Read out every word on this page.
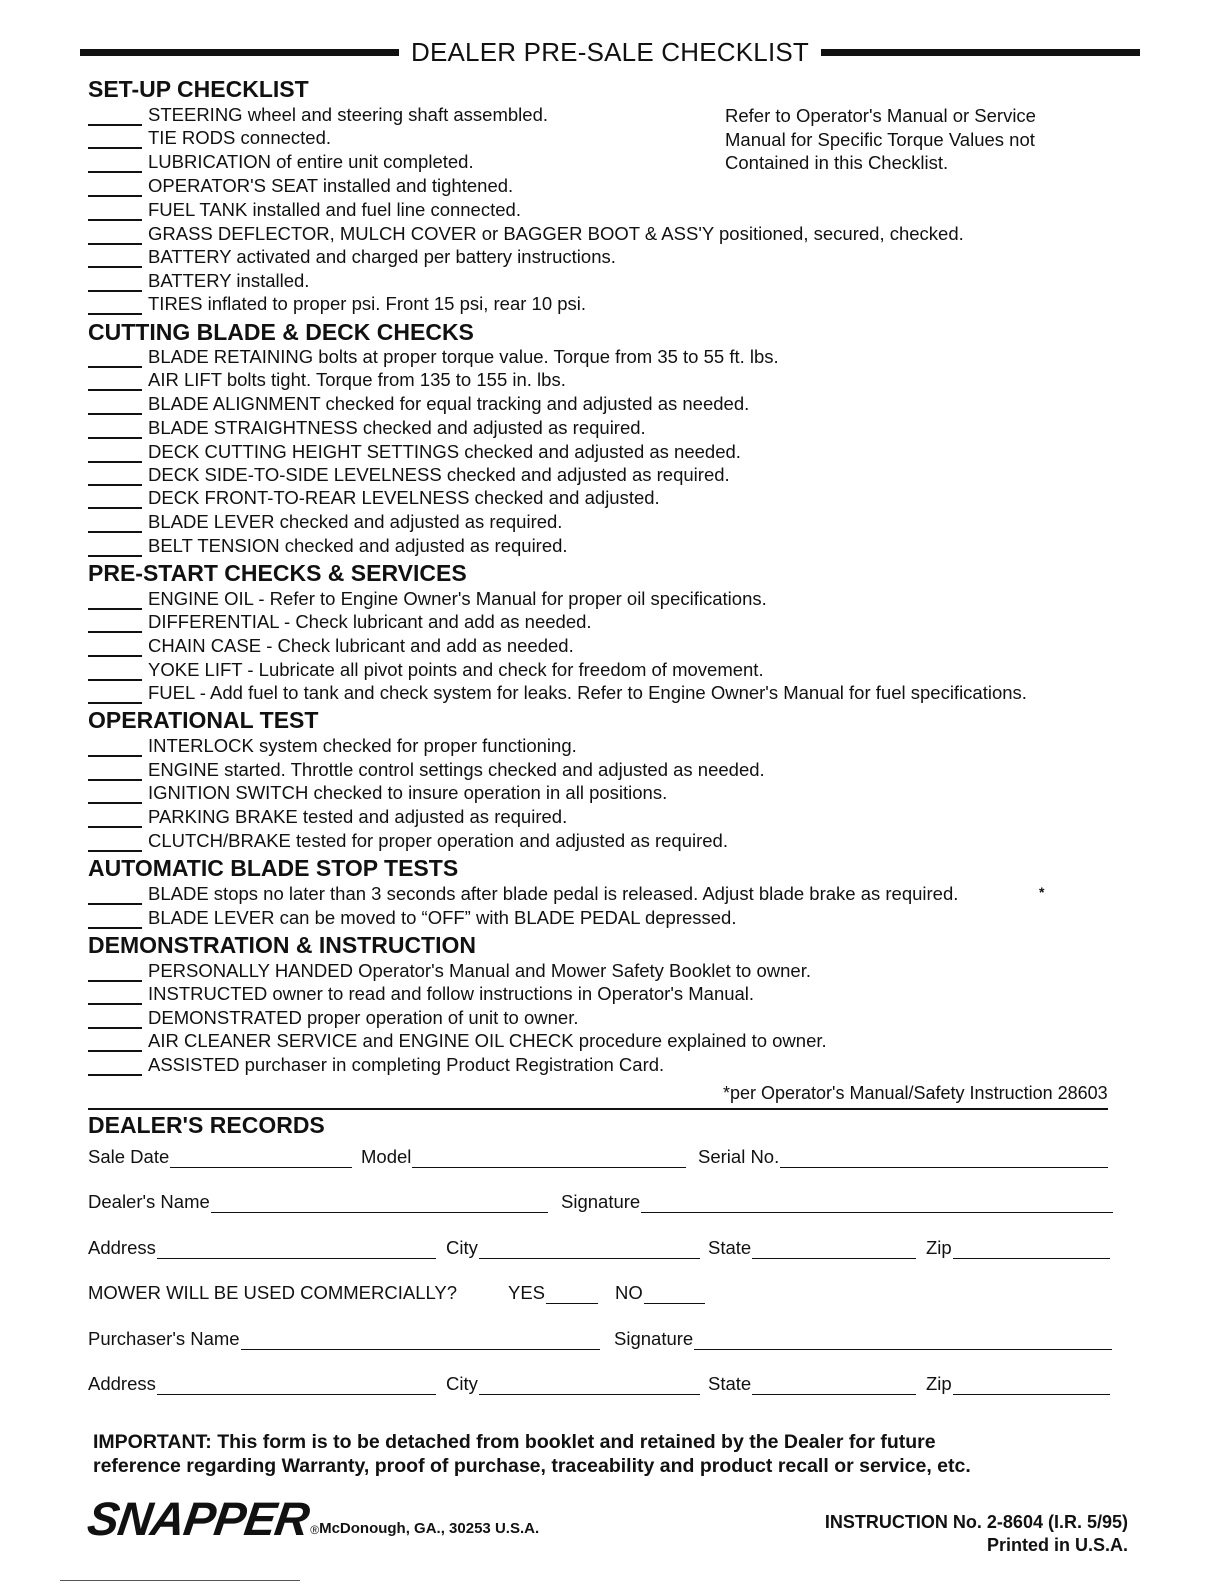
DEALER PRE-SALE CHECKLIST
SET-UP CHECKLIST
STEERING wheel and steering shaft assembled.
TIE RODS connected.
LUBRICATION of entire unit completed.
OPERATOR'S SEAT installed and tightened.
FUEL TANK installed and fuel line connected.
GRASS DEFLECTOR, MULCH COVER or BAGGER BOOT & ASS'Y positioned, secured, checked.
BATTERY activated and charged per battery instructions.
BATTERY installed.
TIRES inflated to proper psi. Front 15 psi, rear 10 psi.
Refer to Operator's Manual or Service
Manual for Specific Torque Values not
Contained in this Checklist.
CUTTING BLADE & DECK CHECKS
BLADE RETAINING bolts at proper torque value. Torque from 35 to 55 ft. lbs.
AIR LIFT bolts tight. Torque from 135 to 155 in. lbs.
BLADE ALIGNMENT checked for equal tracking and adjusted as needed.
BLADE STRAIGHTNESS checked and adjusted as required.
DECK CUTTING HEIGHT SETTINGS checked and adjusted as needed.
DECK SIDE-TO-SIDE LEVELNESS checked and adjusted as required.
DECK FRONT-TO-REAR LEVELNESS checked and adjusted.
BLADE LEVER checked and adjusted as required.
BELT TENSION checked and adjusted as required.
PRE-START CHECKS & SERVICES
ENGINE OIL - Refer to Engine Owner's Manual for proper oil specifications.
DIFFERENTIAL - Check lubricant and add as needed.
CHAIN CASE - Check lubricant and add as needed.
YOKE LIFT - Lubricate all pivot points and check for freedom of movement.
FUEL - Add fuel to tank and check system for leaks. Refer to Engine Owner's Manual for fuel specifications.
OPERATIONAL TEST
INTERLOCK system checked for proper functioning.
ENGINE started. Throttle control settings checked and adjusted as needed.
IGNITION SWITCH checked to insure operation in all positions.
PARKING BRAKE tested and adjusted as required.
CLUTCH/BRAKE tested for proper operation and adjusted as required.
AUTOMATIC BLADE STOP TESTS
BLADE stops no later than 3 seconds after blade pedal is released. Adjust blade brake as required.	*
BLADE LEVER can be moved to “OFF” with BLADE PEDAL depressed.
DEMONSTRATION & INSTRUCTION
PERSONALLY HANDED Operator's Manual and Mower Safety Booklet to owner.
INSTRUCTED owner to read and follow instructions in Operator's Manual.
DEMONSTRATED proper operation of unit to owner.
AIR CLEANER SERVICE and ENGINE OIL CHECK procedure explained to owner.
ASSISTED purchaser in completing Product Registration Card.
*per Operator's Manual/Safety Instruction 28603
DEALER'S RECORDS
Sale Date	Model	Serial No.
Dealer's Name	Signature
Address	City	State	Zip
MOWER WILL BE USED COMMERCIALLY?	YES	NO
Purchaser's Name	Signature
Address	City	State	Zip
IMPORTANT: This form is to be detached from booklet and retained by the Dealer for future
reference regarding Warranty, proof of purchase, traceability and product recall or service, etc.
SNAPPER
® McDonough, GA., 30253 U.S.A.	INSTRUCTION No. 2-8604 (I.R. 5/95)
Printed in U.S.A.
